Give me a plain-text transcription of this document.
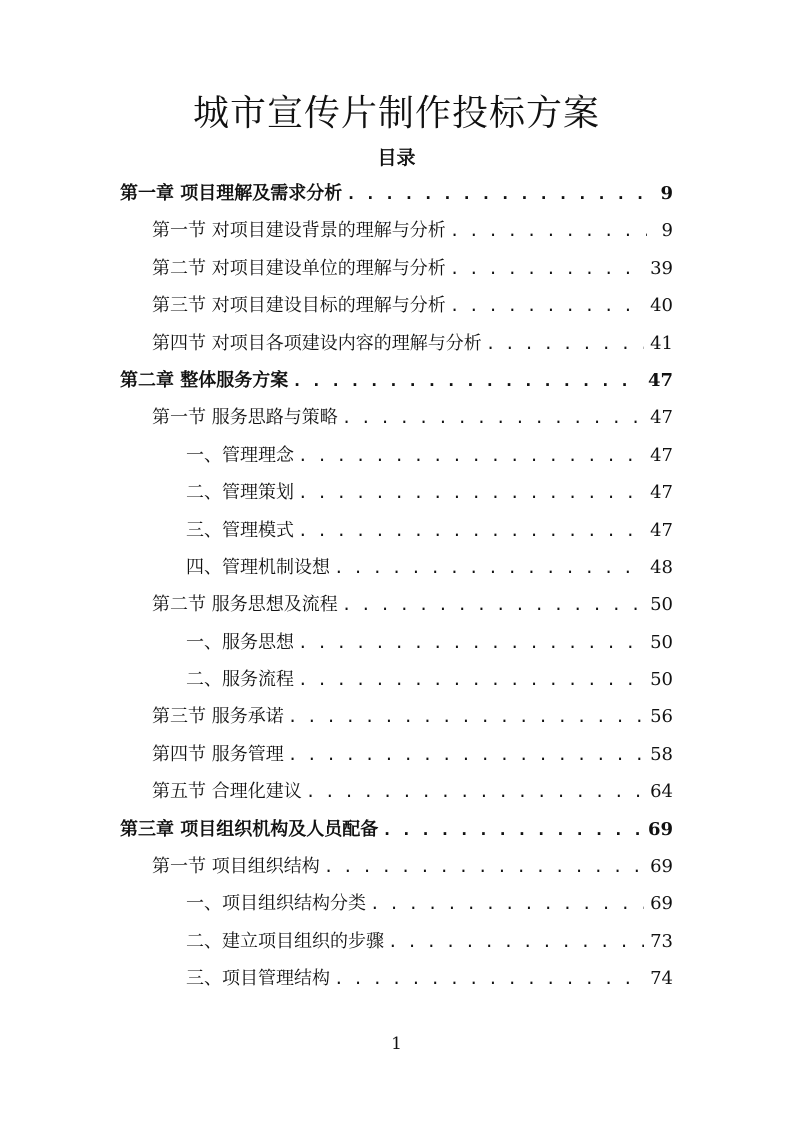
城市宣传片制作投标方案
目录
第一章 项目理解及需求分析 . . .	9
第一节 对项目建设背景的理解与分析 . . .	9
第二节 对项目建设单位的理解与分析 . . .	39
第三节 对项目建设目标的理解与分析 . . .	40
第四节 对项目各项建设内容的理解与分析 . . .	41
第二章 整体服务方案 . . .	47
第一节 服务思路与策略 . . .	47
一、管理理念 . . .	47
二、管理策划 . . .	47
三、管理模式 . . .	47
四、管理机制设想 . . .	48
第二节 服务思想及流程 . . .	50
一、服务思想 . . .	50
二、服务流程 . . .	50
第三节 服务承诺 . . .	56
第四节 服务管理 . . .	58
第五节 合理化建议 . . .	64
第三章 项目组织机构及人员配备 . . .	69
第一节 项目组织结构 . . .	69
一、项目组织结构分类 . . .	69
二、建立项目组织的步骤 . . .	73
三、项目管理结构 . . .	74
1
